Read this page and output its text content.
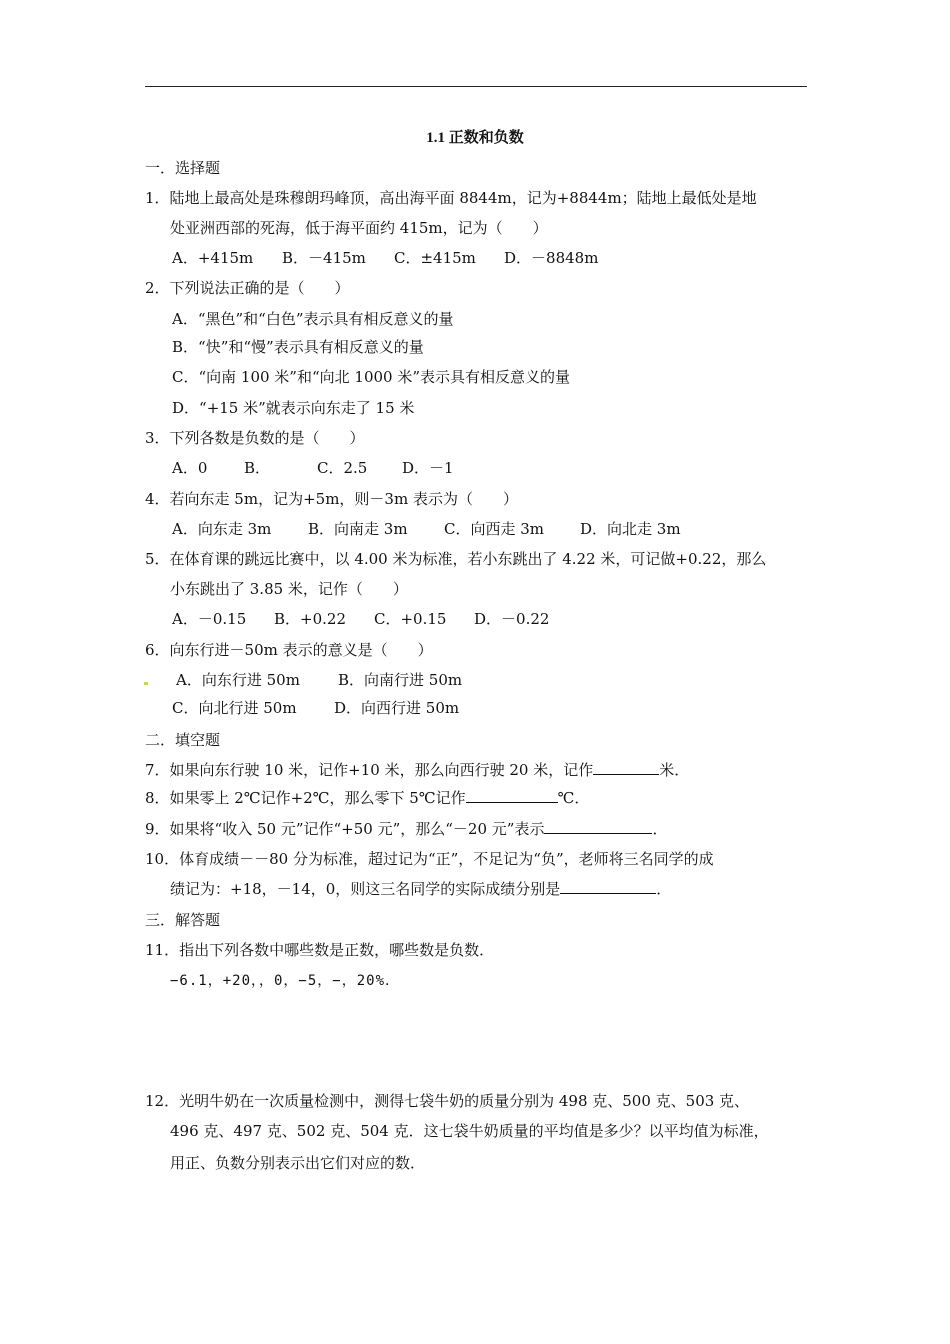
1.1 正数和负数
一．选择题
1．陆地上最高处是珠穆朗玛峰顶，高出海平面 8844m，记为+8844m；陆地上最低处是地
处亚洲西部的死海，低于海平面约 415m，记为（　　）
A．+415m B．－415m C．±415m D．－8848m
2．下列说法正确的是（　　）
A．“黑色”和“白色”表示具有相反意义的量
B．“快”和“慢”表示具有相反意义的量
C．“向南 100 米”和“向北 1000 米”表示具有相反意义的量
D．“+15 米”就表示向东走了 15 米
3．下列各数是负数的是（　　）
A．0 B．	C．2.5 D．－1
4．若向东走 5m，记为+5m，则－3m 表示为（　　）
A．向东走 3m B．向南走 3m C．向西走 3m D．向北走 3m
5．在体育课的跳远比赛中，以 4.00 米为标准，若小东跳出了 4.22 米，可记做+0.22，那么
小东跳出了 3.85 米，记作（　　）
A．－0.15 B．+0.22 C．+0.15 D．－0.22
6．向东行进－50m 表示的意义是（　　）
A．向东行进 50m	B．向南行进 50m
C．向北行进 50m D．向西行进 50m
二．填空题
7．如果向东行驶 10 米，记作+10 米，那么向西行驶 20 米，记作	米．
8．如果零上 2℃记作+2℃，那么零下 5℃记作	℃．
9．如果将“收入 50 元”记作“+50 元”，那么“－20 元”表示	．
10．体育成绩－－80 分为标准，超过记为“正”，不足记为“负”，老师将三名同学的成
绩记为：+18，－14，0，则这三名同学的实际成绩分别是	．
三．解答题
11．指出下列各数中哪些数是正数，哪些数是负数．
−6.1，+20，，0，−5，−，20%．
12．光明牛奶在一次质量检测中，测得七袋牛奶的质量分别为 498 克、500 克、503 克、
496 克、497 克、502 克、504 克．这七袋牛奶质量的平均值是多少？以平均值为标准，
用正、负数分别表示出它们对应的数．
